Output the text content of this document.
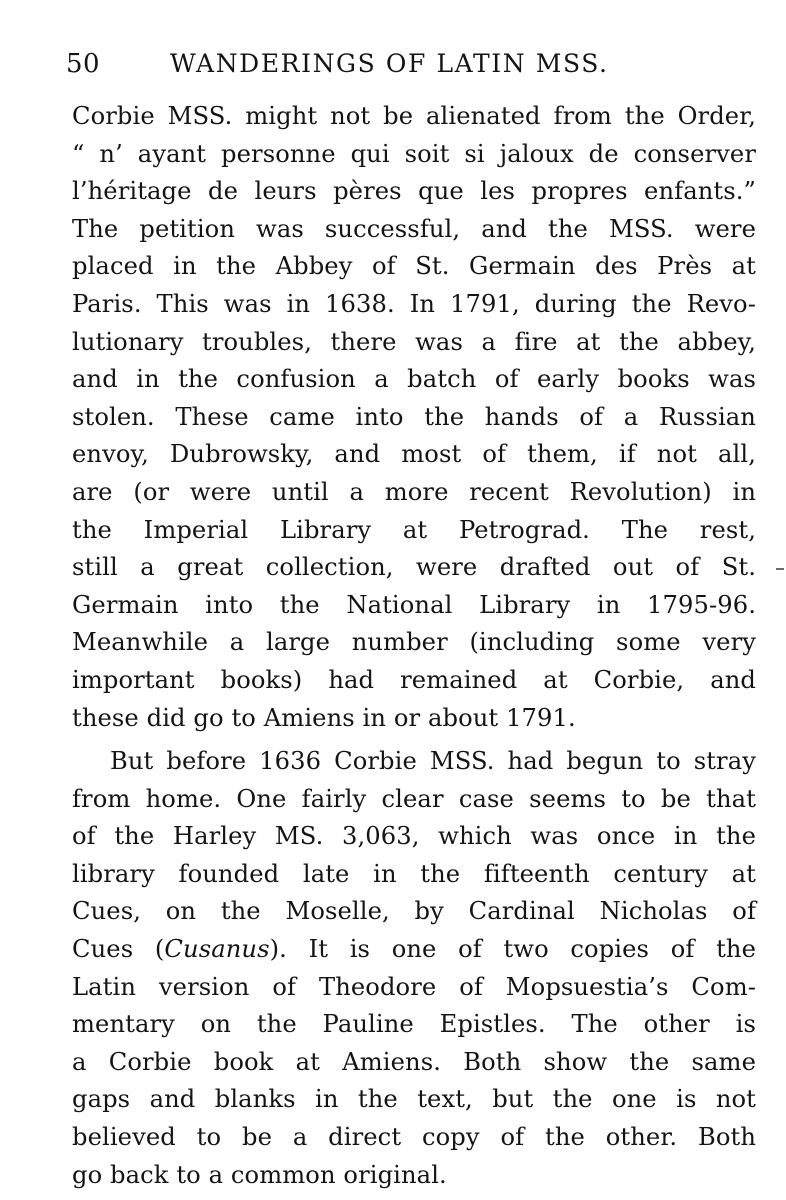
50	WANDERINGS OF LATIN MSS.
Corbie MSS. might not be alienated from the Order,
“ n’ ayant personne qui soit si jaloux de conserver
l’héritage de leurs pères que les propres enfants.”
The petition was successful, and the MSS. were
placed in the Abbey of St. Germain des Près at
Paris. This was in 1638. In 1791, during the Revo-
lutionary troubles, there was a fire at the abbey,
and in the confusion a batch of early books was
stolen. These came into the hands of a Russian
envoy, Dubrowsky, and most of them, if not all,
are (or were until a more recent Revolution) in
the Imperial Library at Petrograd. The rest,
still a great collection, were drafted out of St.
Germain into the National Library in 1795-96.
Meanwhile a large number (including some very
important books) had remained at Corbie, and
these did go to Amiens in or about 1791.
But before 1636 Corbie MSS. had begun to stray
from home. One fairly clear case seems to be that
of the Harley MS. 3,063, which was once in the
library founded late in the fifteenth century at
Cues, on the Moselle, by Cardinal Nicholas of
Cues (Cusanus). It is one of two copies of the
Latin version of Theodore of Mopsuestia’s Com-
mentary on the Pauline Epistles. The other is
a Corbie book at Amiens. Both show the same
gaps and blanks in the text, but the one is not
believed to be a direct copy of the other. Both
go back to a common original.
